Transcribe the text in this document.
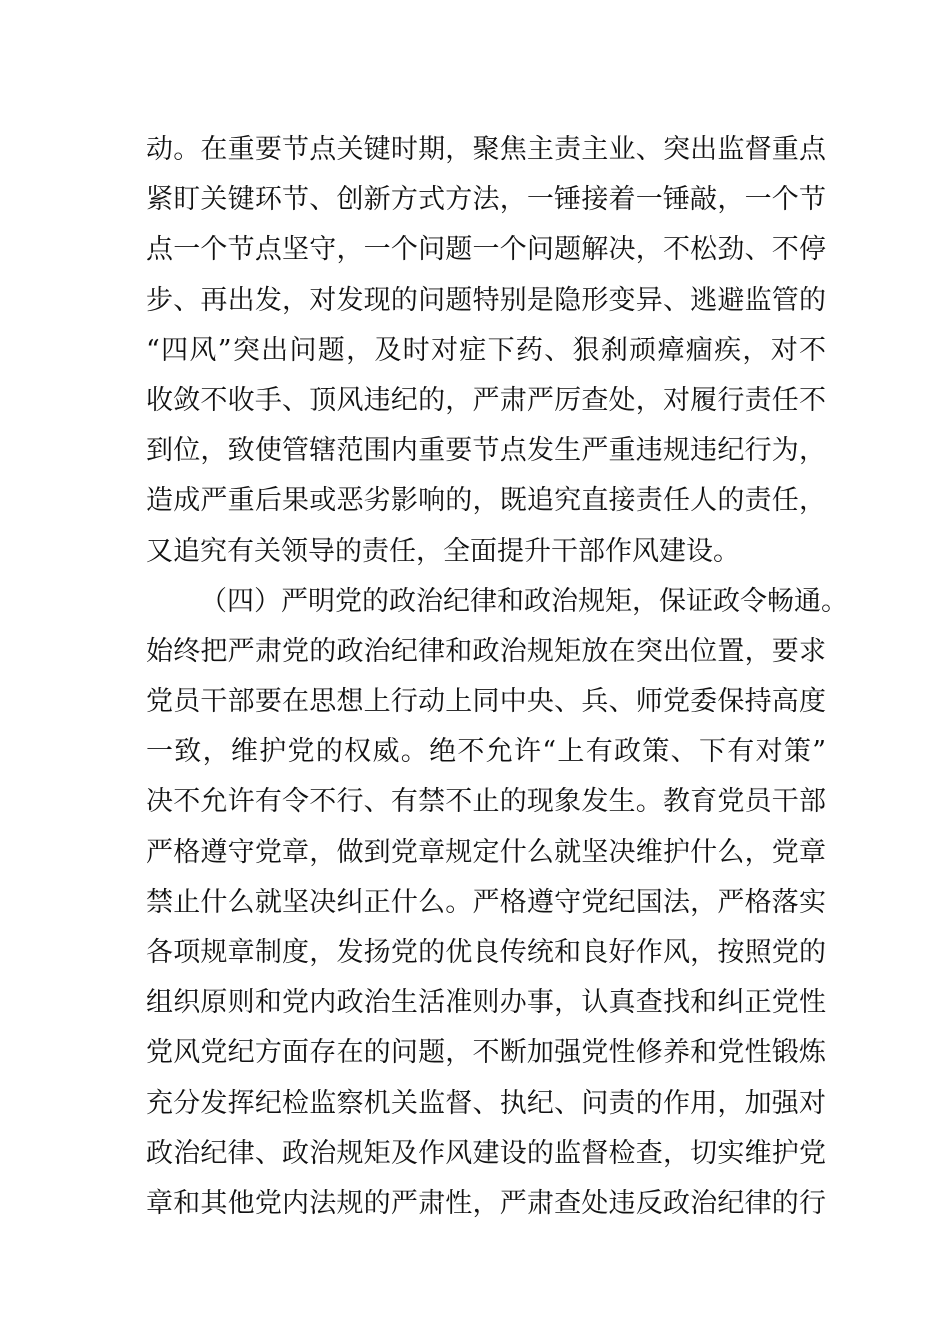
动。在重要节点关键时期，聚焦主责主业、突出监督重点
紧盯关键环节、创新方式方法，一锤接着一锤敲，一个节
点一个节点坚守，一个问题一个问题解决，不松劲、不停
步、再出发，对发现的问题特别是隐形变异、逃避监管的
“四风”突出问题，及时对症下药、狠刹顽瘴痼疾，对不
收敛不收手、顶风违纪的，严肃严厉查处，对履行责任不
到位，致使管辖范围内重要节点发生严重违规违纪行为，
造成严重后果或恶劣影响的，既追究直接责任人的责任，
又追究有关领导的责任，全面提升干部作风建设。
（四）严明党的政治纪律和政治规矩，保证政令畅通。
始终把严肃党的政治纪律和政治规矩放在突出位置，要求
党员干部要在思想上行动上同中央、兵、师党委保持高度
一致，维护党的权威。绝不允许“上有政策、下有对策”
决不允许有令不行、有禁不止的现象发生。教育党员干部
严格遵守党章，做到党章规定什么就坚决维护什么，党章
禁止什么就坚决纠正什么。严格遵守党纪国法，严格落实
各项规章制度，发扬党的优良传统和良好作风，按照党的
组织原则和党内政治生活准则办事，认真查找和纠正党性
党风党纪方面存在的问题，不断加强党性修养和党性锻炼
充分发挥纪检监察机关监督、执纪、问责的作用，加强对
政治纪律、政治规矩及作风建设的监督检查，切实维护党
章和其他党内法规的严肃性，严肃查处违反政治纪律的行
